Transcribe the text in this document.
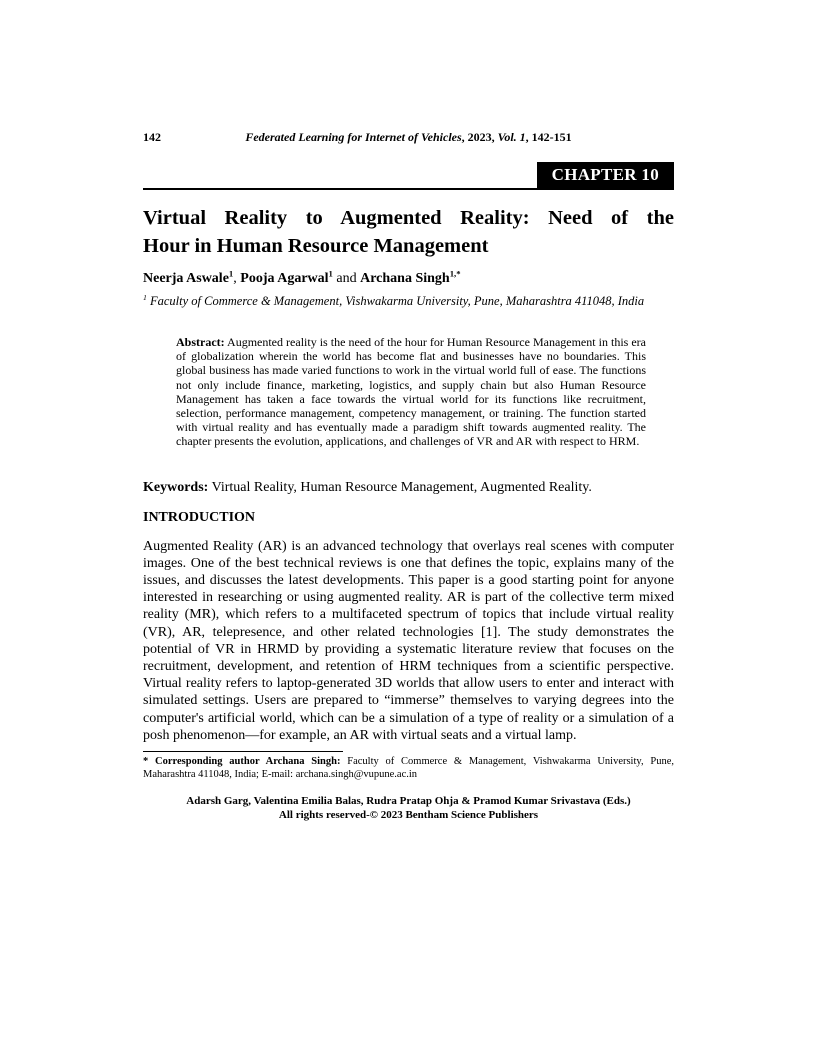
142	Federated Learning for Internet of Vehicles, 2023, Vol. 1, 142-151
CHAPTER 10
Virtual Reality to Augmented Reality: Need of the
Hour in Human Resource Management

Neerja Aswale$^1$, Pooja Agarwal$^1$ and Archana Singh$^{1,*}$

$^1$ Faculty of Commerce & Management, Vishwakarma University, Pune, Maharashtra 411048, India

Abstract: Augmented reality is the need of the hour for Human Resource Management in this era of globalization wherein the world has become flat and businesses have no boundaries. This global business has made varied functions to work in the virtual world full of ease. The functions not only include finance, marketing, logistics, and supply chain but also Human Resource Management has taken a face towards the virtual world for its functions like recruitment, selection, performance management, competency management, or training. The function started with virtual reality and has eventually made a paradigm shift towards augmented reality. The chapter presents the evolution, applications, and challenges of VR and AR with respect to HRM.

Keywords: Virtual Reality, Human Resource Management, Augmented Reality.

INTRODUCTION

Augmented Reality (AR) is an advanced technology that overlays real scenes with computer images. One of the best technical reviews is one that defines the topic, explains many of the issues, and discusses the latest developments. This paper is a good starting point for anyone interested in researching or using augmented reality. AR is part of the collective term mixed reality (MR), which refers to a multifaceted spectrum of topics that include virtual reality (VR), AR, telepresence, and other related technologies [1]. The study demonstrates the potential of VR in HRMD by providing a systematic literature review that focuses on the recruitment, development, and retention of HRM techniques from a scientific perspective. Virtual reality refers to laptop-generated 3D worlds that allow users to enter and interact with simulated settings. Users are prepared to “immerse” themselves to varying degrees into the computer's artificial world, which can be a simulation of a type of reality or a simulation of a posh phenomenon—for example, an AR with virtual seats and a virtual lamp.

* Corresponding author Archana Singh: Faculty of Commerce & Management, Vishwakarma University, Pune, Maharashtra 411048, India; E-mail: archana.singh@vupune.ac.in

Adarsh Garg, Valentina Emilia Balas, Rudra Pratap Ohja & Pramod Kumar Srivastava (Eds.)
All rights reserved-© 2023 Bentham Science Publishers
